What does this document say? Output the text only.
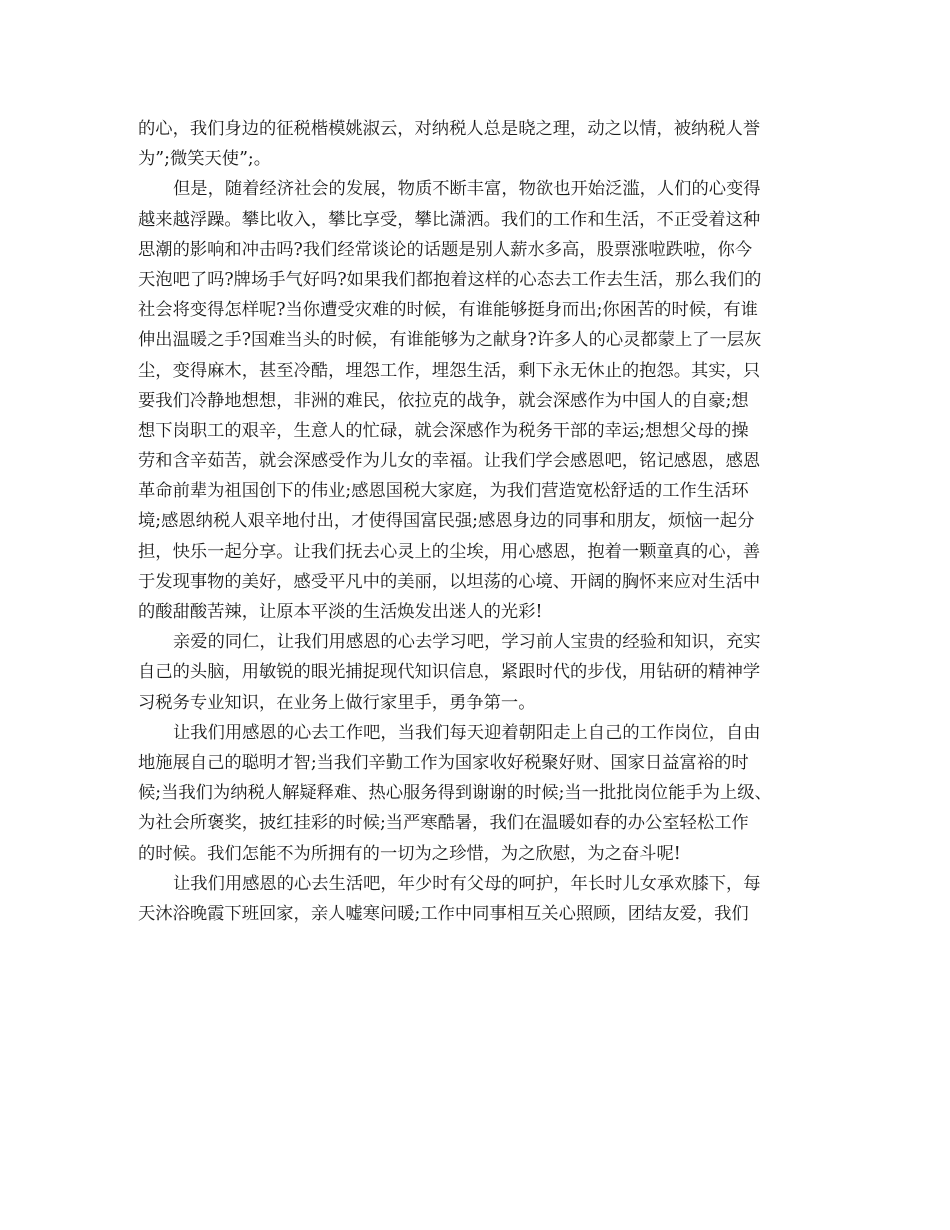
的心，我们身边的征税楷模姚淑云，对纳税人总是晓之理，动之以情，被纳税人誉
为”;微笑天使”;。
但是，随着经济社会的发展，物质不断丰富，物欲也开始泛滥，人们的心变得
越来越浮躁。攀比收入，攀比享受，攀比潇洒。我们的工作和生活，不正受着这种
思潮的影响和冲击吗?我们经常谈论的话题是别人薪水多高，股票涨啦跌啦，你今
天泡吧了吗?牌场手气好吗?如果我们都抱着这样的心态去工作去生活，那么我们的
社会将变得怎样呢?当你遭受灾难的时候，有谁能够挺身而出;你困苦的时候，有谁
伸出温暖之手?国难当头的时候，有谁能够为之献身?许多人的心灵都蒙上了一层灰
尘，变得麻木，甚至冷酷，埋怨工作，埋怨生活，剩下永无休止的抱怨。其实，只
要我们冷静地想想，非洲的难民，依拉克的战争，就会深感作为中国人的自豪;想
想下岗职工的艰辛，生意人的忙碌，就会深感作为税务干部的幸运;想想父母的操
劳和含辛茹苦，就会深感受作为儿女的幸福。让我们学会感恩吧，铭记感恩，感恩
革命前辈为祖国创下的伟业;感恩国税大家庭，为我们营造宽松舒适的工作生活环
境;感恩纳税人艰辛地付出，才使得国富民强;感恩身边的同事和朋友，烦恼一起分
担，快乐一起分享。让我们抚去心灵上的尘埃，用心感恩，抱着一颗童真的心，善
于发现事物的美好，感受平凡中的美丽，以坦荡的心境、开阔的胸怀来应对生活中
的酸甜酸苦辣，让原本平淡的生活焕发出迷人的光彩!
亲爱的同仁，让我们用感恩的心去学习吧，学习前人宝贵的经验和知识，充实
自己的头脑，用敏锐的眼光捕捉现代知识信息，紧跟时代的步伐，用钻研的精神学
习税务专业知识，在业务上做行家里手，勇争第一。
让我们用感恩的心去工作吧，当我们每天迎着朝阳走上自己的工作岗位，自由
地施展自己的聪明才智;当我们辛勤工作为国家收好税聚好财、国家日益富裕的时
候;当我们为纳税人解疑释难、热心服务得到谢谢的时候;当一批批岗位能手为上级、
为社会所褒奖，披红挂彩的时候;当严寒酷暑，我们在温暖如春的办公室轻松工作
的时候。我们怎能不为所拥有的一切为之珍惜，为之欣慰，为之奋斗呢!
让我们用感恩的心去生活吧，年少时有父母的呵护，年长时儿女承欢膝下，每
天沐浴晚霞下班回家，亲人嘘寒问暖;工作中同事相互关心照顾，团结友爱，我们
